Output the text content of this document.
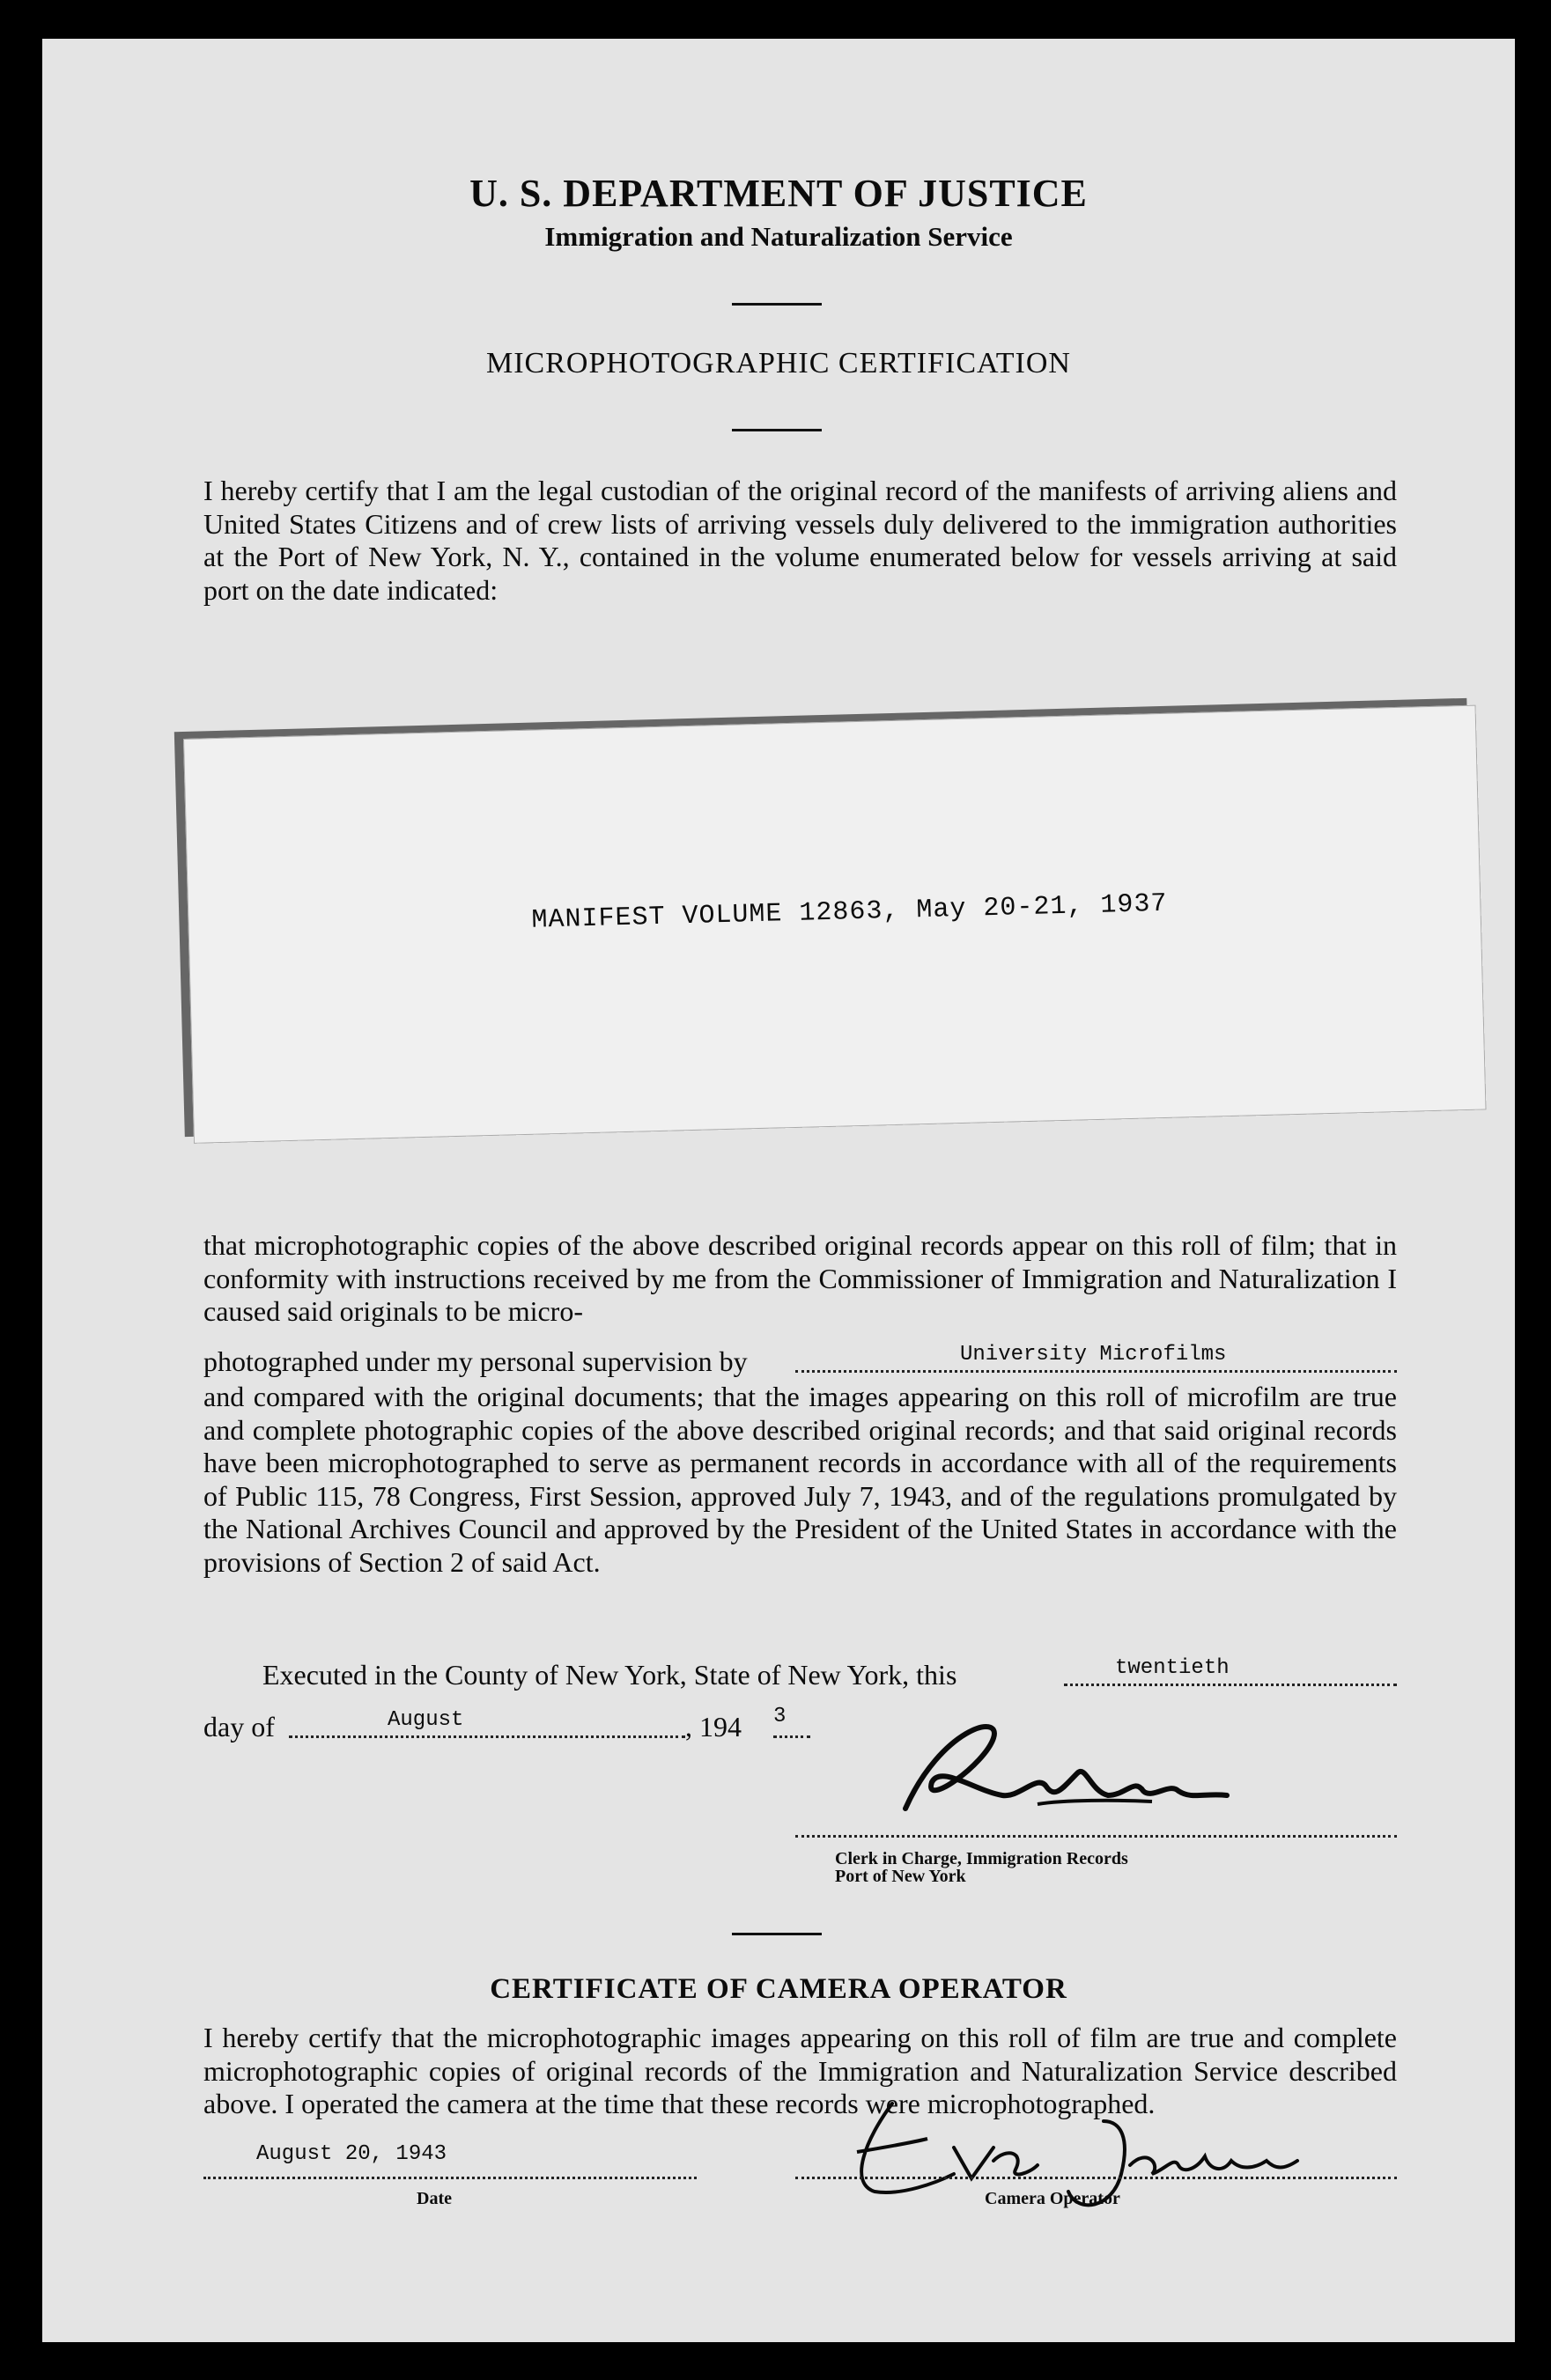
U. S. DEPARTMENT OF JUSTICE
Immigration and Naturalization Service
MICROPHOTOGRAPHIC CERTIFICATION
I hereby certify that I am the legal custodian of the original record of the manifests of arriving aliens and United States Citizens and of crew lists of arriving vessels duly delivered to the immigration authorities at the Port of New York, N. Y., contained in the volume enumerated below for vessels arriving at said port on the date indicated:
MANIFEST VOLUME 12863, May 20-21, 1937
that microphotographic copies of the above described original records appear on this roll of film; that in conformity with instructions received by me from the Commissioner of Immigration and Naturalization I caused said originals to be micro-
photographed under my personal supervision by	University Microfilms
and compared with the original documents; that the images appearing on this roll of microfilm are true and complete photographic copies of the above described original records; and that said original records have been microphotographed to serve as permanent records in accordance with all of the requirements of Public 115, 78 Congress, First Session, approved July 7, 1943, and of the regulations promulgated by the National Archives Council and approved by the President of the United States in accordance with the provisions of Section 2 of said Act.
Executed in the County of New York, State of New York, this	twentieth
day of	August	, 194 3
Clerk in Charge, Immigration Records
Port of New York
CERTIFICATE OF CAMERA OPERATOR
I hereby certify that the microphotographic images appearing on this roll of film are true and complete microphotographic copies of original records of the Immigration and Naturalization Service described above. I operated the camera at the time that these records were microphotographed.
August 20, 1943
Date	Camera Operator
